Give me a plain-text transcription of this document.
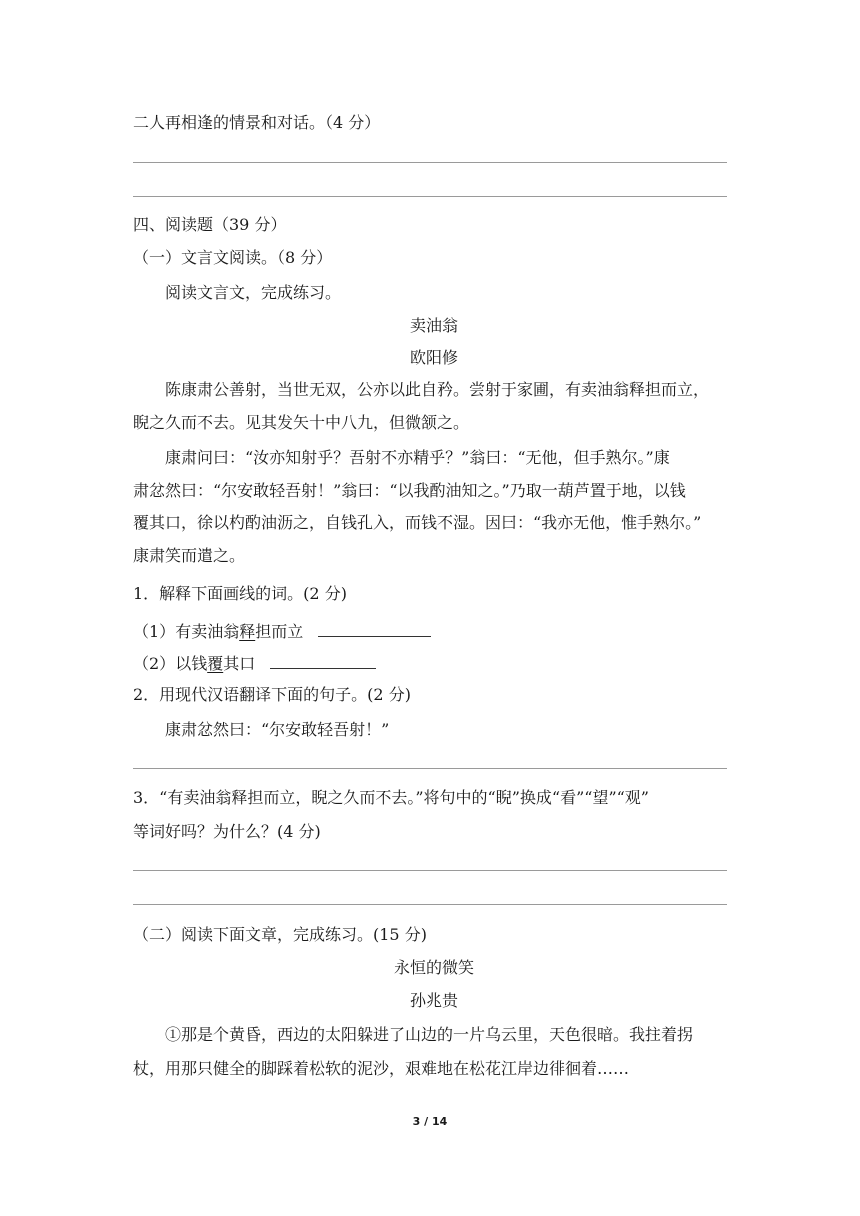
二人再相逢的情景和对话。（4 分）
四、阅读题（39 分）
（一）文言文阅读。（8 分）
阅读文言文，完成练习。
卖油翁
欧阳修
陈康肃公善射，当世无双，公亦以此自矜。尝射于家圃，有卖油翁释担而立，
睨之久而不去。见其发矢十中八九，但微颔之。
康肃问曰：“汝亦知射乎？吾射不亦精乎？”翁曰：“无他，但手熟尔。”康
肃忿然曰：“尔安敢轻吾射！”翁曰：“以我酌油知之。”乃取一葫芦置于地，以钱
覆其口，徐以杓酌油沥之，自钱孔入，而钱不湿。因曰：“我亦无他，惟手熟尔。”
康肃笑而遣之。
1．解释下面画线的词。(2 分)
（1）有卖油翁释担而立
（2）以钱覆其口
2．用现代汉语翻译下面的句子。(2 分)
康肃忿然曰：“尔安敢轻吾射！”
3．“有卖油翁释担而立，睨之久而不去。”将句中的“睨”换成“看”“望”“观”
等词好吗？为什么？(4 分)
（二）阅读下面文章，完成练习。(15 分)
永恒的微笑
孙兆贵
①那是个黄昏，西边的太阳躲进了山边的一片乌云里，天色很暗。我拄着拐
杖，用那只健全的脚踩着松软的泥沙，艰难地在松花江岸边徘徊着……
3 / 14
